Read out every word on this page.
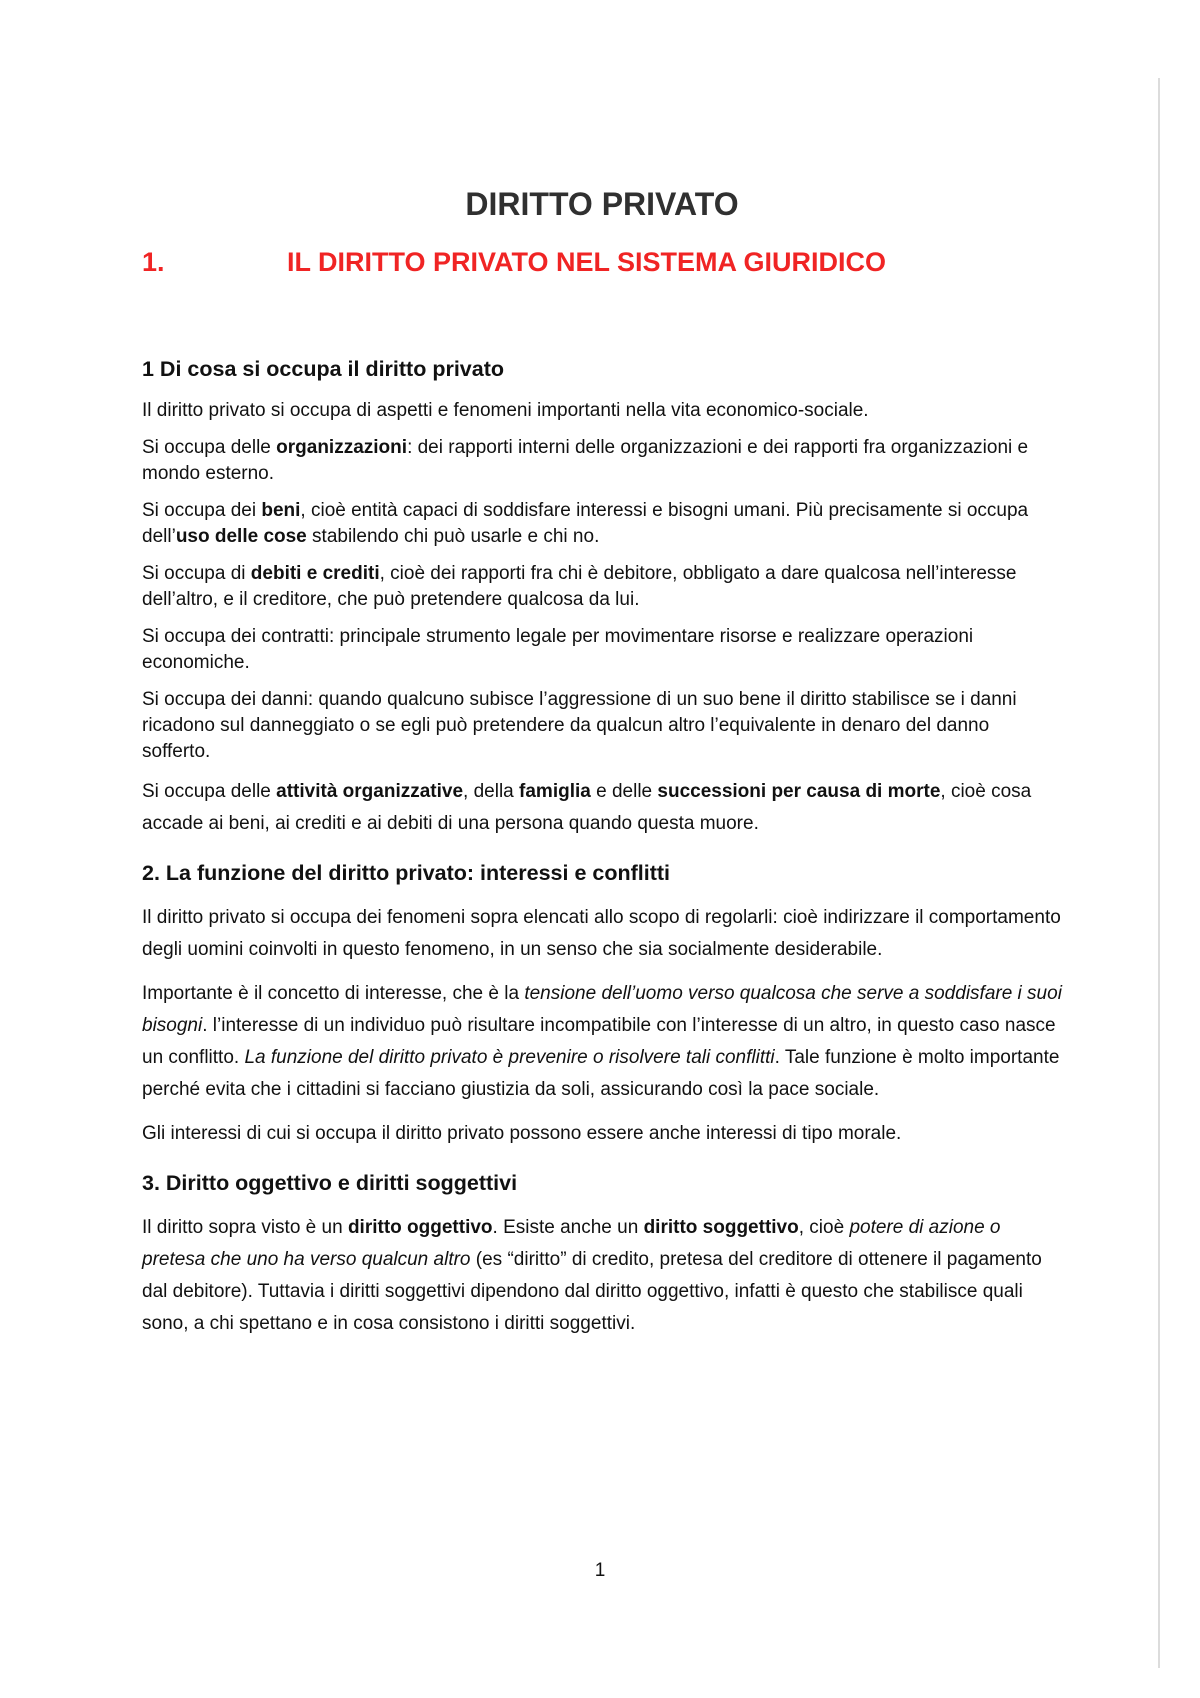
DIRITTO PRIVATO
1.	IL DIRITTO PRIVATO NEL SISTEMA GIURIDICO
1 Di cosa si occupa il diritto privato

Il diritto privato si occupa di aspetti e fenomeni importanti nella vita economico-sociale.

Si occupa delle organizzazioni: dei rapporti interni delle organizzazioni e dei rapporti fra organizzazioni e mondo esterno.

Si occupa dei beni, cioè entità capaci di soddisfare interessi e bisogni umani. Più precisamente si occupa dell’uso delle cose stabilendo chi può usarle e chi no.

Si occupa di debiti e crediti, cioè dei rapporti fra chi è debitore, obbligato a dare qualcosa nell’interesse dell’altro, e il creditore, che può pretendere qualcosa da lui.

Si occupa dei contratti: principale strumento legale per movimentare risorse e realizzare operazioni economiche.

Si occupa dei danni: quando qualcuno subisce l’aggressione di un suo bene il diritto stabilisce se i danni ricadono sul danneggiato o se egli può pretendere da qualcun altro l’equivalente in denaro del danno sofferto.

Si occupa delle attività organizzative, della famiglia e delle successioni per causa di morte, cioè cosa accade ai beni, ai crediti e ai debiti di una persona quando questa muore.

2. La funzione del diritto privato: interessi e conflitti

Il diritto privato si occupa dei fenomeni sopra elencati allo scopo di regolarli: cioè indirizzare il comportamento degli uomini coinvolti in questo fenomeno, in un senso che sia socialmente desiderabile.

Importante è il concetto di interesse, che è la tensione dell’uomo verso qualcosa che serve a soddisfare i suoi bisogni. l’interesse di un individuo può risultare incompatibile con l’interesse di un altro, in questo caso nasce un conflitto. La funzione del diritto privato è prevenire o risolvere tali conflitti. Tale funzione è molto importante perché evita che i cittadini si facciano giustizia da soli, assicurando così la pace sociale.

Gli interessi di cui si occupa il diritto privato possono essere anche interessi di tipo morale.

3. Diritto oggettivo e diritti soggettivi

Il diritto sopra visto è un diritto oggettivo. Esiste anche un diritto soggettivo, cioè potere di azione o pretesa che uno ha verso qualcun altro (es “diritto” di credito, pretesa del creditore di ottenere il pagamento dal debitore). Tuttavia i diritti soggettivi dipendono dal diritto oggettivo, infatti è questo che stabilisce quali sono, a chi spettano e in cosa consistono i diritti soggettivi.

1
